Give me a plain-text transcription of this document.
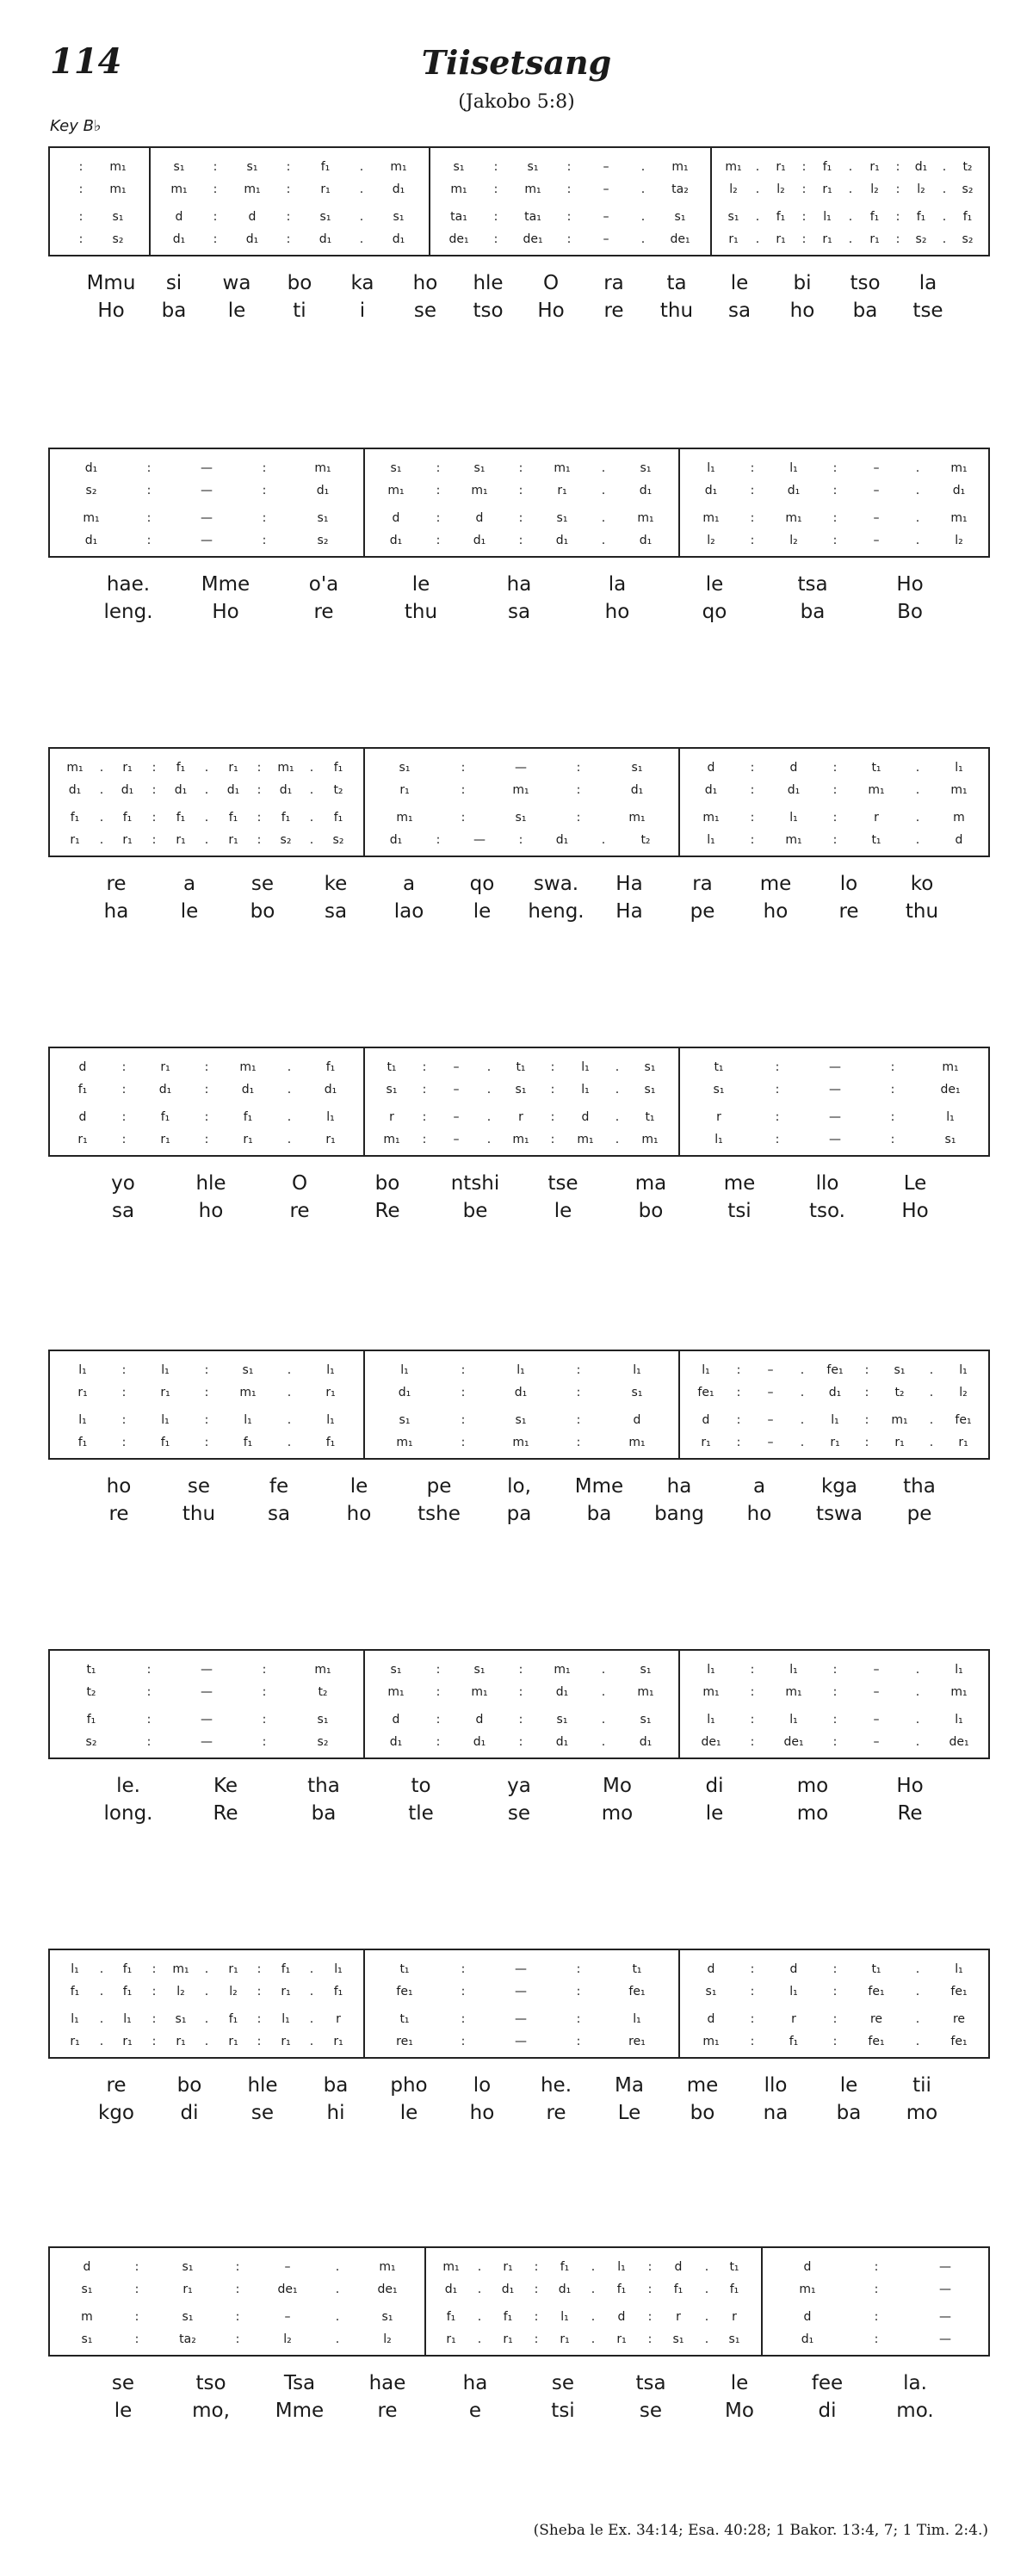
114	Tiisetsang
(Jakobo 5:8)
Key B♭
: m₁	s₁ : s₁ :	f₁ . m₁	s₁ : s₁ :	–	. m₁	m₁ . r₁ : f₁ . r₁ : d₁ . t₂
: m₁	m₁ : m₁ : r₁ . d₁	m₁ : m₁ :	–	. ta₂	l₂ . l₂ : r₁ . l₂ : l₂ . s₂
: s₁	d	:	d	: s₁ . s₁	ta₁ : ta₁ :	–	. s₁	s₁ . f₁ : l₁ . f₁ : f₁ . f₁
: s₂	d₁ : d₁ : d₁ . d₁	de₁ : de₁ :	–	. de₁	r₁ . r₁ : r₁ . r₁ : s₂ . s₂
Mmu si wa bo ka ho hle O ra ta le bi tso la
Ho ba le ti	i se tso Ho re thu sa ho ba tse
d₁	:	—	:	m₁	s₁	:	s₁	:	m₁	.	s₁	l₁	:	l₁	:	–	.	m₁
s₂	:	—	:	d₁	m₁	:	m₁	:	r₁	.	d₁	d₁	:	d₁	:	–	.	d₁
m₁	:	—	:	s₁	d	:	d	:	s₁	.	m₁	m₁	:	m₁	:	–	.	m₁
d₁	:	—	:	s₂	d₁	:	d₁	:	d₁	.	d₁	l₂	:	l₂	:	–	.	l₂
hae.	Mme	o'a	le	ha	la	le	tsa	Ho
leng.	Ho	re	thu	sa	ho	qo	ba	Bo
m₁ . r₁ : f₁ . r₁ : m₁ . f₁	s₁	:	—	:	s₁	d	:	d	:	t₁	.	l₁
d₁ . d₁ : d₁ . d₁ : d₁ . t₂	r₁	:	m₁	:	d₁	d₁	:	d₁	:	m₁	.	m₁
f₁ . f₁ : f₁ . f₁ : f₁ . f₁	m₁	:	s₁	:	m₁	m₁	:	l₁	:	r	.	m
r₁ . r₁ : r₁ . r₁ : s₂ . s₂	d₁	:	—	:	d₁	.	t₂	l₁	:	m₁	:	t₁	.	d
re	a	se	ke	a	qo swa. Ha	ra me lo	ko
ha	le	bo	sa lao le heng. Ha pe ho	re thu
d	:	r₁	:	m₁	.	f₁	t₁ : – . t₁ : l₁ . s₁	t₁	:	—	:	m₁
f₁	:	d₁	:	d₁	.	d₁	s₁ : – . s₁ : l₁ . s₁	s₁	:	—	:	de₁
d	:	f₁	:	f₁	.	l₁	r : – . r : d . t₁	r	:	—	:	l₁
r₁	:	r₁	:	r₁	.	r₁	m₁ : – . m₁ : m₁ . m₁	l₁	:	—	:	s₁
yo	hle	O	bo	ntshi tse	ma	me	llo	Le
sa	ho	re	Re	be	le	bo	tsi	tso.	Ho
l₁	:	l₁	:	s₁	.	l₁	l₁	:	l₁	:	l₁	l₁ : – . fe₁ : s₁ . l₁
r₁	:	r₁	:	m₁	.	r₁	d₁	:	d₁	:	s₁	fe₁ : – . d₁ : t₂ . l₂
l₁	:	l₁	:	l₁	.	l₁	s₁	:	s₁	:	d	d : – . l₁ : m₁ . fe₁
f₁	:	f₁	:	f₁	.	f₁	m₁	:	m₁	:	m₁	r₁ : – . r₁ : r₁ . r₁
ho	se	fe	le	pe	lo, Mme ha	a	kga tha
re	thu	sa	ho tshe pa	ba bang ho tswa pe
t₁	:	—	:	m₁	s₁	:	s₁	:	m₁	.	s₁	l₁	:	l₁	:	–	.	l₁
t₂	:	—	:	t₂	m₁	:	m₁	:	d₁	.	m₁	m₁	:	m₁	:	–	.	m₁
f₁	:	—	:	s₁	d	:	d	:	s₁	.	s₁	l₁	:	l₁	:	–	.	l₁
s₂	:	—	:	s₂	d₁	:	d₁	:	d₁	.	d₁	de₁ : de₁ :	–	. de₁
le.	Ke	tha	to	ya	Mo	di	mo	Ho
long.	Re	ba	tle	se	mo	le	mo	Re
l₁ . f₁ : m₁ . r₁ : f₁ . l₁	t₁	:	—	:	t₁	d	:	d	:	t₁	.	l₁
f₁ . f₁ : l₂ . l₂ : r₁ . f₁	fe₁	:	—	:	fe₁	s₁	:	l₁	:	fe₁	.	fe₁
l₁ . l₁ : s₁ . f₁ : l₁ . r	t₁	:	—	:	l₁	d	:	r	:	re	.	re
r₁ . r₁ : r₁ . r₁ : r₁ . r₁	re₁	:	—	:	re₁	m₁	:	f₁	:	fe₁	.	fe₁
re	bo hle ba pho lo	he. Ma me llo	le	tii
kgo di	se	hi	le	ho	re	Le bo na ba mo
d	:	s₁	:	–	.	m₁	m₁ . r₁ : f₁ . l₁ : d . t₁	d	:	—
s₁	:	r₁	:	de₁	.	de₁	d₁ . d₁ : d₁ . f₁ : f₁ . f₁	m₁	:	—
m	:	s₁	:	–	.	s₁	f₁ . f₁ : l₁ . d : r . r	d	:	—
s₁	:	ta₂	:	l₂	.	l₂	r₁ . r₁ : r₁ . r₁ : s₁ . s₁	d₁	:	—
se	tso	Tsa	hae	ha	se	tsa	le	fee	la.
le	mo, Mme	re	e	tsi	se	Mo	di	mo.
(Sheba le Ex. 34:14; Esa. 40:28; 1 Bakor. 13:4, 7; 1 Tim. 2:4.)
